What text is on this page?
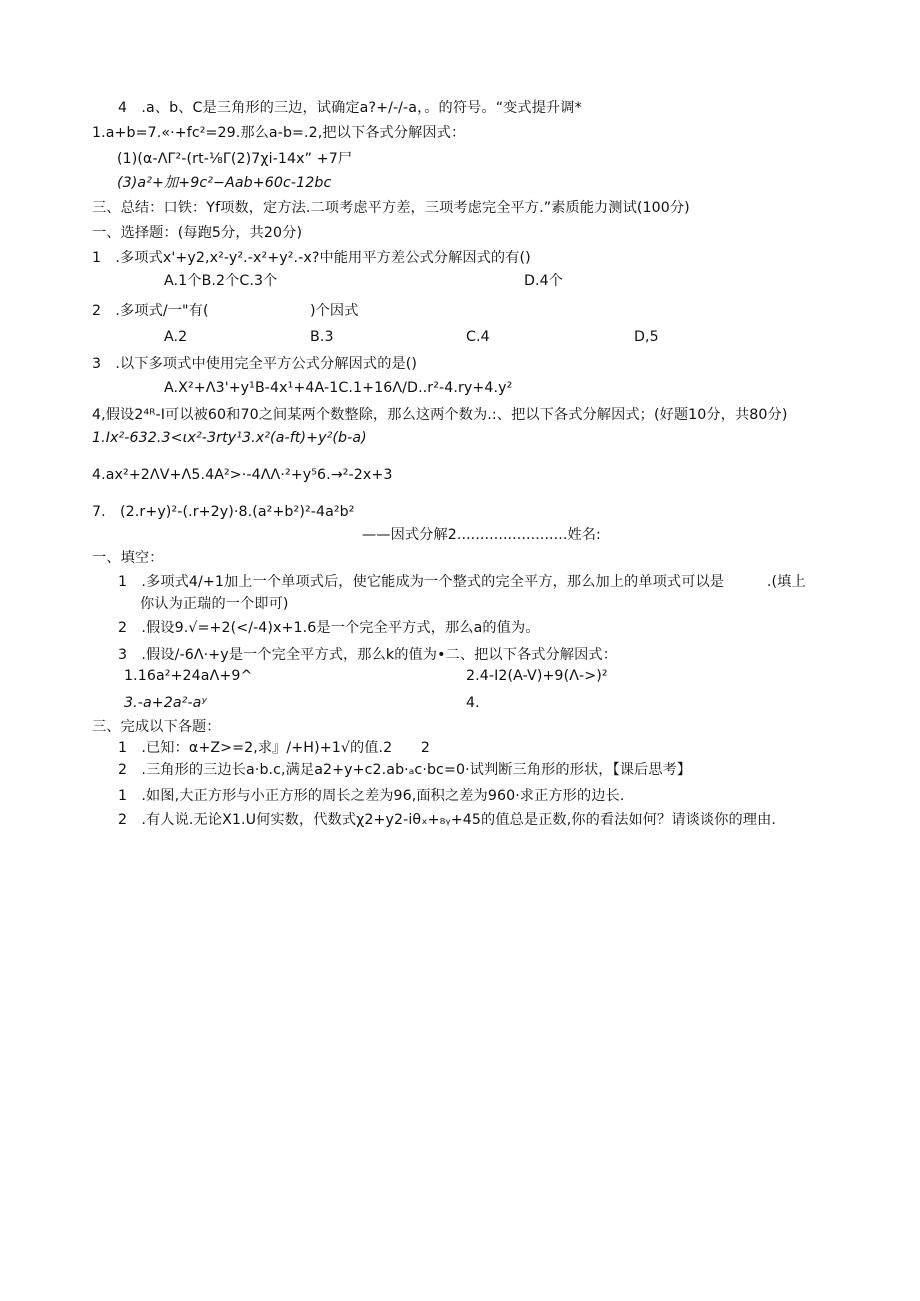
4　.a、b、C是三角形的三边，试确定a?+/-/-a，。的符号。“变式提升调*
1.a+b=7.«·+fc²=29.那么a-b=.2,把以下各式分解因式：
(1)(α-ΛΓ²-(rt-⅛Γ(2)7χi-14x” +7尸
(3)a²+加+9c²−Aab+60c-12bc
三、总结：口铁：Yf项数，定方法.二项考虑平方差，三项考虑完全平方.”素质能力测试(100分)
一、选择题：(每跑5分，共20分)
1　.多项式x'+y2,x²-y².-x²+y².-x?中能用平方差公式分解因式的有()
A.1个B.2个C.3个	D.4个
2　.多项式/一"有(	)个因式
A.2	B.3	C.4	D,5
3　.以下多项式中使用完全平方公式分解因式的是()
A.X²+Λ3'+y¹B-4x¹+4A-1C.1+16Λ/D..r²-4.ry+4.y²
4,假设2⁴ᴿ-I可以被60和70之间某两个数整除，那么这两个数为.:、把以下各式分解因式；(好题10分，共80分)
1.Ix²-632.3<ιx²-3rty¹3.x²(a-ft)+y²(b-a)
4.ax²+2ΛV+Λ5.4A²>·-4ΛΛ·²+y⁵6.→²-2x+3
7.　(2.r+y)²-(.r+2y)·8.(a²+b²)²-4a²b²
——因式分解2........................姓名:
一、填空：
1　.多项式4/+1加上一个单项式后，使它能成为一个整式的完全平方，那么加上的单项式可以是　　　.(填上
你认为正瑞的一个即可)
2　.假设9.√=+2(</-4)x+1.6是一个完全平方式，那么a的值为。
3　.假设/-6Λ·+y是一个完全平方式，那么k的值为•二、把以下各式分解因式：
1.16a²+24aΛ+9^	2.4-I2(A-V)+9(Λ->)²
3.-a+2a²-aʸ	4.
三、完成以下各题：
1　.已知：α+Z>=2,求』/+H)+1√的值.2　　2
2　.三角形的三边长a·b.c,满足a2+y+c2.ab·ₐc·bc=0·试判断三角形的形状，【课后思考】
1　.如图,大正方形与小正方形的周长之差为96,面积之差为960·求正方形的边长.
2　.有人说.无论X1.U何实数，代数式χ2+y2-iθₓ+₈ᵧ+45的值总是正数,你的看法如何？请谈谈你的理由.
